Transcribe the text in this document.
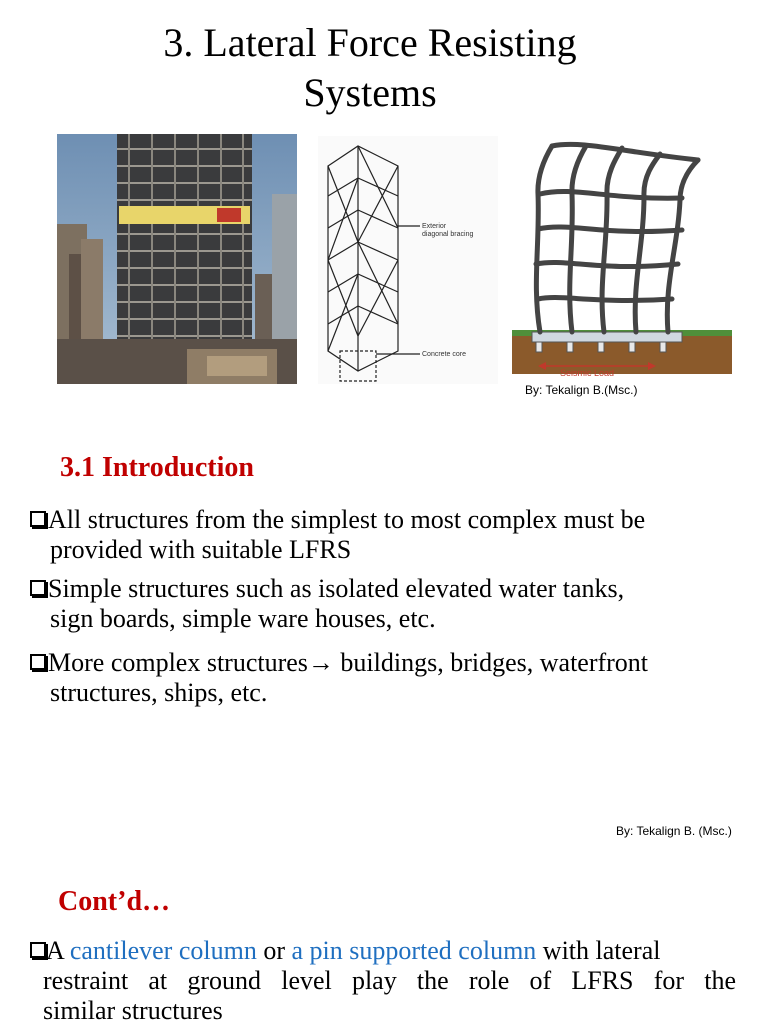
3. Lateral Force Resisting
Systems
Exterior
diagonal bracing
Concrete core
Seismic Load
By: Tekalign B.(Msc.)
3.1 Introduction
All structures from the simplest to most complex must be
provided with suitable LFRS
Simple structures such as isolated elevated water tanks,
sign boards, simple ware houses, etc.
More complex structures→ buildings, bridges, waterfront
structures, ships, etc.
By: Tekalign B. (Msc.)
Cont’d…
A cantilever column or a pin supported column with lateral
restraint at ground level play the role of LFRS for the
similar structures
